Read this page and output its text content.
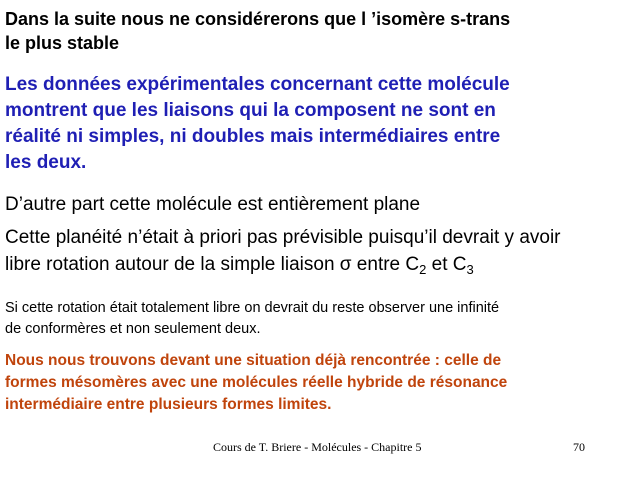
Dans la suite nous ne considérerons que l ’isomère s-trans
le plus stable

Les données expérimentales concernant cette molécule
montrent que les liaisons qui la composent ne sont en
réalité ni simples, ni doubles mais intermédiaires entre
les deux.

D’autre part cette molécule est entièrement plane

Cette planéité n’était à priori pas prévisible puisqu’il devrait y avoir
libre rotation autour de la simple liaison σ entre $C_2$ et $C_3$

Si cette rotation était totalement libre on devrait du reste observer une infinité
de conformères et non seulement deux.

Nous nous trouvons devant une situation déjà rencontrée : celle de
formes mésomères avec une molécules réelle hybride de résonance
intermédiaire entre plusieurs formes limites.

Cours de T. Briere - Molécules - Chapitre 5	70
